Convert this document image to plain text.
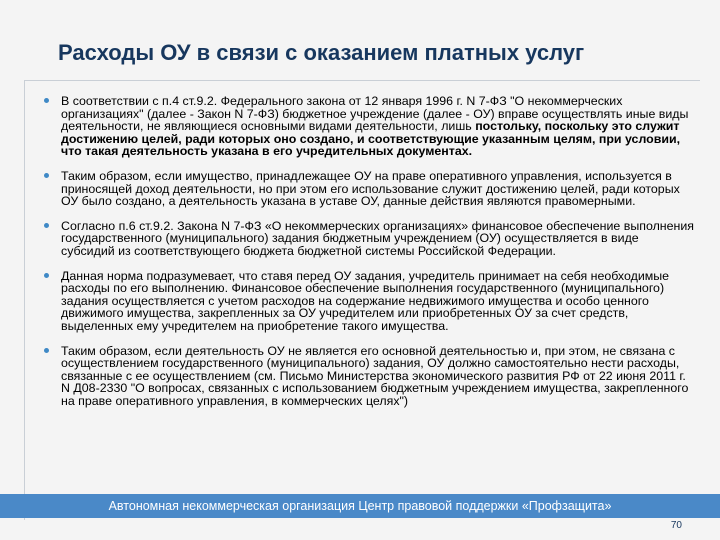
Расходы ОУ в связи с оказанием платных услуг
В соответствии с п.4 ст.9.2. Федерального закона от 12 января 1996 г. N 7-ФЗ "О некоммерческих организациях" (далее - Закон N 7-ФЗ) бюджетное учреждение (далее - ОУ) вправе осуществлять иные виды деятельности, не являющиеся основными видами деятельности, лишь постольку, поскольку это служит достижению целей, ради которых оно создано, и соответствующие указанным целям, при условии, что такая деятельность указана в его учредительных документах.
Таким образом, если имущество, принадлежащее ОУ на праве оперативного управления, используется в приносящей доход деятельности, но при этом его использование служит достижению целей, ради которых ОУ было создано, а деятельность указана в уставе ОУ, данные действия являются правомерными.
Согласно п.6 ст.9.2. Закона N 7-ФЗ «О некоммерческих организациях» финансовое обеспечение выполнения государственного (муниципального) задания бюджетным учреждением (ОУ) осуществляется в виде субсидий из соответствующего бюджета бюджетной системы Российской Федерации.
Данная норма подразумевает, что ставя перед ОУ задания, учредитель принимает на себя необходимые расходы по его выполнению. Финансовое обеспечение выполнения государственного (муниципального) задания осуществляется с учетом расходов на содержание недвижимого имущества и особо ценного движимого имущества, закрепленных за ОУ учредителем или приобретенных ОУ за счет средств, выделенных ему учредителем на приобретение такого имущества.
Таким образом, если деятельность ОУ не является его основной деятельностью и, при этом, не связана с осуществлением государственного (муниципального) задания, ОУ должно самостоятельно нести расходы, связанные с ее осуществлением (см. Письмо Министерства экономического развития РФ от 22 июня 2011 г. N Д08-2330 "О вопросах, связанных с использованием бюджетным учреждением имущества, закрепленного на праве оперативного управления, в коммерческих целях")
Автономная некоммерческая организация Центр правовой поддержки «Профзащита»
70
